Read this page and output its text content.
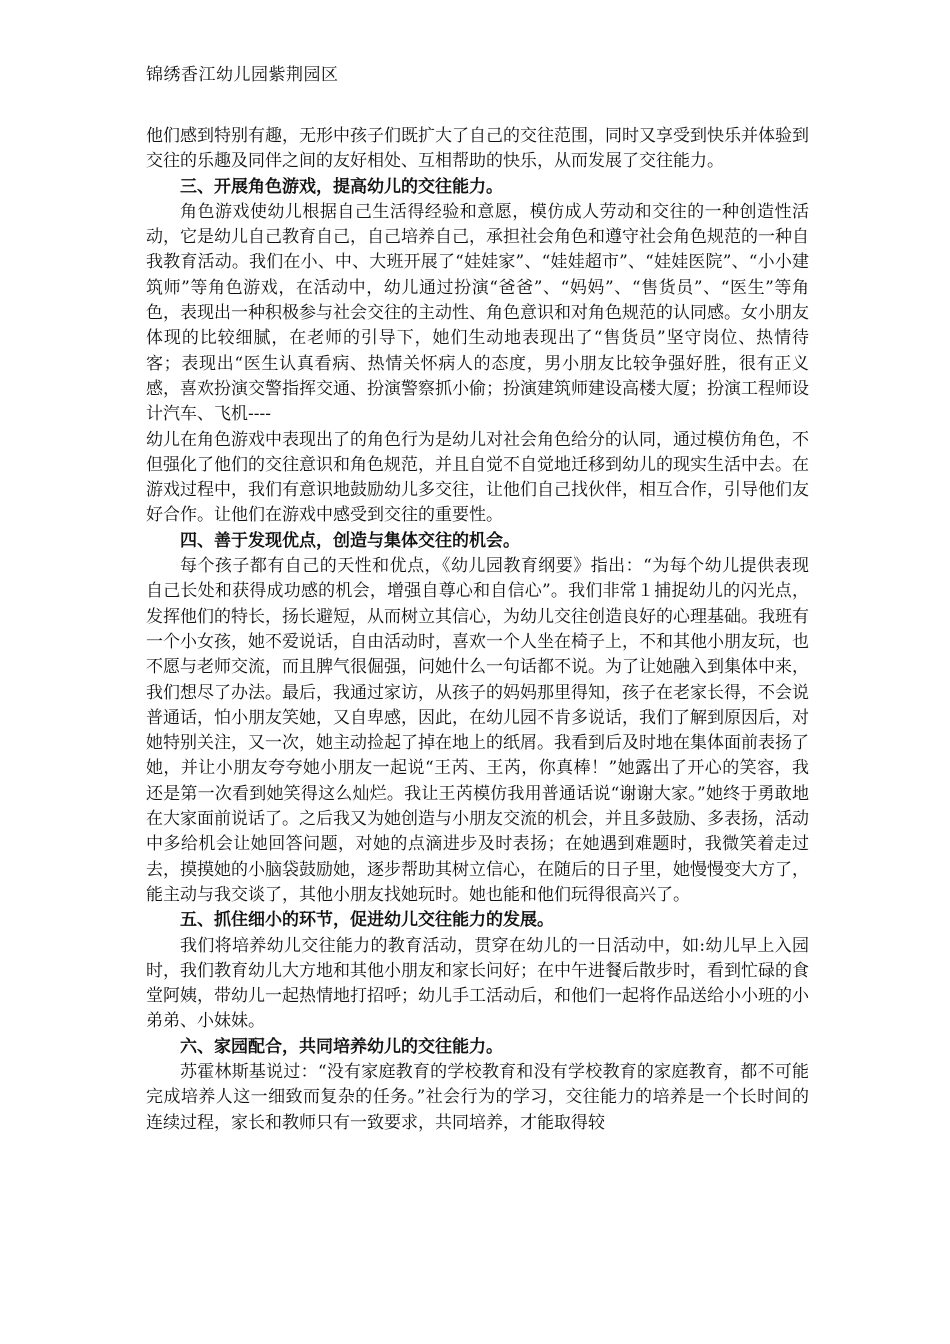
锦绣香江幼儿园紫荆园区

他们感到特别有趣，无形中孩子们既扩大了自己的交往范围，同时又享受到快乐并体验到交往的乐趣及同伴之间的友好相处、互相帮助的快乐，从而发展了交往能力。

三、开展角色游戏，提高幼儿的交往能力。

角色游戏使幼儿根据自己生活得经验和意愿，模仿成人劳动和交往的一种创造性活动，它是幼儿自己教育自己，自己培养自己，承担社会角色和遵守社会角色规范的一种自我教育活动。我们在小、中、大班开展了“娃娃家”、“娃娃超市”、“娃娃医院”、“小小建筑师”等角色游戏，在活动中，幼儿通过扮演“爸爸”、“妈妈”、“售货员”、“医生”等角色，表现出一种积极参与社会交往的主动性、角色意识和对角色规范的认同感。女小朋友体现的比较细腻，在老师的引导下，她们生动地表现出了“售货员”坚守岗位、热情待客；表现出“医生认真看病、热情关怀病人的态度，男小朋友比较争强好胜，很有正义感，喜欢扮演交警指挥交通、扮演警察抓小偷；扮演建筑师建设高楼大厦；扮演工程师设计汽车、飞机----

幼儿在角色游戏中表现出了的角色行为是幼儿对社会角色给分的认同，通过模仿角色，不但强化了他们的交往意识和角色规范，并且自觉不自觉地迁移到幼儿的现实生活中去。在游戏过程中，我们有意识地鼓励幼儿多交往，让他们自己找伙伴，相互合作，引导他们友好合作。让他们在游戏中感受到交往的重要性。

四、善于发现优点，创造与集体交往的机会。

每个孩子都有自己的天性和优点，《幼儿园教育纲要》指出：“为每个幼儿提供表现自己长处和获得成功感的机会，增强自尊心和自信心”。我们非常１捕捉幼儿的闪光点，发挥他们的特长，扬长避短，从而树立其信心，为幼儿交往创造良好的心理基础。我班有一个小女孩，她不爱说话，自由活动时，喜欢一个人坐在椅子上，不和其他小朋友玩，也不愿与老师交流，而且脾气很倔强，问她什么一句话都不说。为了让她融入到集体中来，我们想尽了办法。最后，我通过家访，从孩子的妈妈那里得知，孩子在老家长得，不会说普通话，怕小朋友笑她，又自卑感，因此，在幼儿园不肯多说话，我们了解到原因后，对她特别关注，又一次，她主动捡起了掉在地上的纸屑。我看到后及时地在集体面前表扬了她，并让小朋友夸夸她小朋友一起说“王芮、王芮，你真棒！”她露出了开心的笑容，我还是第一次看到她笑得这么灿烂。我让王芮模仿我用普通话说“谢谢大家。”她终于勇敢地在大家面前说话了。之后我又为她创造与小朋友交流的机会，并且多鼓励、多表扬，活动中多给机会让她回答问题，对她的点滴进步及时表扬；在她遇到难题时，我微笑着走过去，摸摸她的小脑袋鼓励她，逐步帮助其树立信心，在随后的日子里，她慢慢变大方了，能主动与我交谈了，其他小朋友找她玩时。她也能和他们玩得很高兴了。

五、抓住细小的环节，促进幼儿交往能力的发展。

我们将培养幼儿交往能力的教育活动，贯穿在幼儿的一日活动中，如:幼儿早上入园时，我们教育幼儿大方地和其他小朋友和家长问好；在中午进餐后散步时，看到忙碌的食堂阿姨，带幼儿一起热情地打招呼；幼儿手工活动后，和他们一起将作品送给小小班的小弟弟、小妹妹。

六、家园配合，共同培养幼儿的交往能力。

苏霍林斯基说过：“没有家庭教育的学校教育和没有学校教育的家庭教育，都不可能完成培养人这一细致而复杂的任务。”社会行为的学习，交往能力的培养是一个长时间的连续过程，家长和教师只有一致要求，共同培养，才能取得较
